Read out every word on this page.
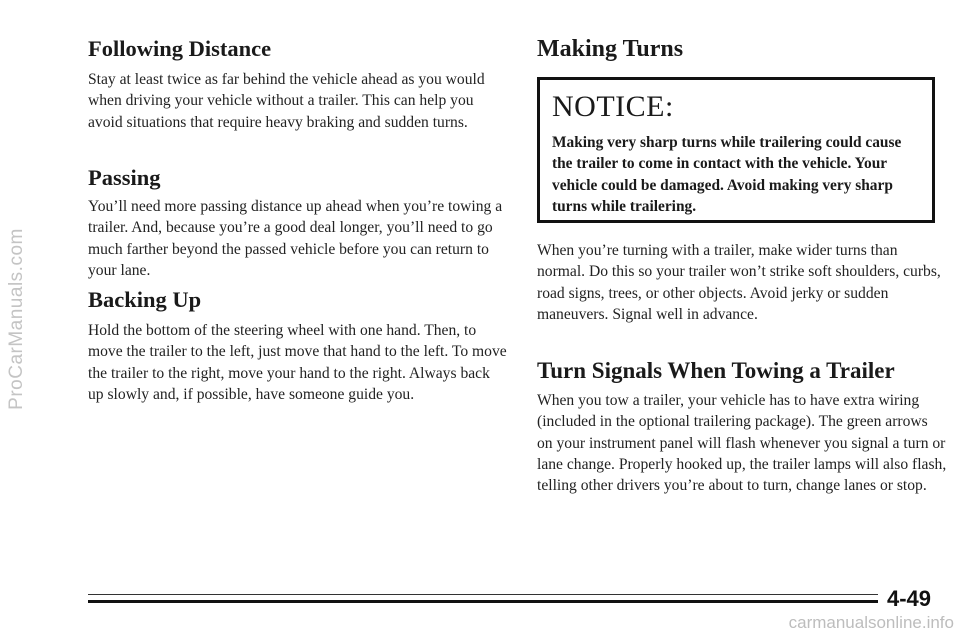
ProCarManuals.com
Following Distance

Stay at least twice as far behind the vehicle ahead as you would when driving your vehicle without a trailer. This can help you avoid situations that require heavy braking and sudden turns.

Passing

You’ll need more passing distance up ahead when you’re towing a trailer. And, because you’re a good deal longer, you’ll need to go much farther beyond the passed vehicle before you can return to your lane.

Backing Up

Hold the bottom of the steering wheel with one hand. Then, to move the trailer to the left, just move that hand to the left. To move the trailer to the right, move your hand to the right. Always back up slowly and, if possible, have someone guide you.

Making Turns
NOTICE:
Making very sharp turns while trailering could cause the trailer to come in contact with the vehicle. Your vehicle could be damaged. Avoid making very sharp turns while trailering.

When you’re turning with a trailer, make wider turns than normal. Do this so your trailer won’t strike soft shoulders, curbs, road signs, trees, or other objects. Avoid jerky or sudden maneuvers. Signal well in advance.

Turn Signals When Towing a Trailer

When you tow a trailer, your vehicle has to have extra wiring (included in the optional trailering package). The green arrows on your instrument panel will flash whenever you signal a turn or lane change. Properly hooked up, the trailer lamps will also flash, telling other drivers you’re about to turn, change lanes or stop.

4-49
carmanualsonline.info
